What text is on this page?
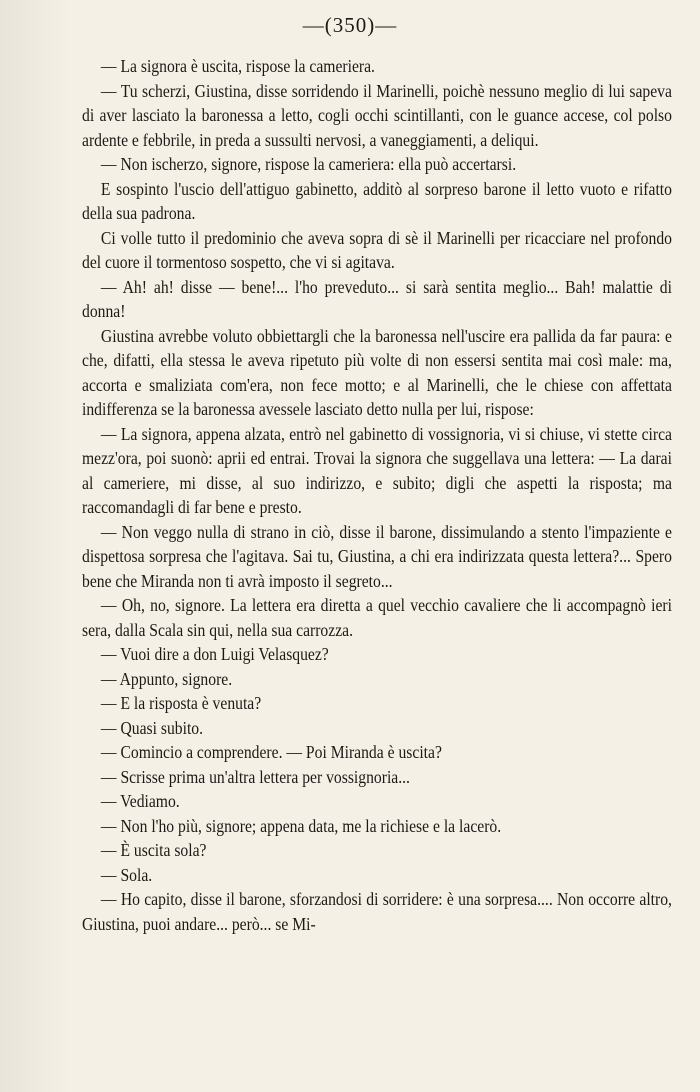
—(350)—

— La signora è uscita, rispose la cameriera.

— Tu scherzi, Giustina, disse sorridendo il Marinelli, poichè nessuno meglio di lui sapeva di aver lasciato la baronessa a letto, cogli occhi scintillanti, con le guance accese, col polso ardente e febbrile, in preda a sussulti nervosi, a vaneggiamenti, a deliqui.

— Non ischerzo, signore, rispose la cameriera: ella può accertarsi.

E sospinto l'uscio dell'attiguo gabinetto, additò al sorpreso barone il letto vuoto e rifatto della sua padrona.

Ci volle tutto il predominio che aveva sopra di sè il Marinelli per ricacciare nel profondo del cuore il tormentoso sospetto, che vi si agitava.

— Ah! ah! disse — bene!... l'ho preveduto... si sarà sentita meglio... Bah! malattie di donna!

Giustina avrebbe voluto obbiettargli che la baronessa nell'uscire era pallida da far paura: e che, difatti, ella stessa le aveva ripetuto più volte di non essersi sentita mai così male: ma, accorta e smaliziata com'era, non fece motto; e al Marinelli, che le chiese con affettata indifferenza se la baronessa avessele lasciato detto nulla per lui, rispose:

— La signora, appena alzata, entrò nel gabinetto di vossignoria, vi si chiuse, vi stette circa mezz'ora, poi suonò: aprii ed entrai. Trovai la signora che suggellava una lettera: — La darai al cameriere, mi disse, al suo indirizzo, e subito; digli che aspetti la risposta; ma raccomandagli di far bene e presto.

— Non veggo nulla di strano in ciò, disse il barone, dissimulando a stento l'impaziente e dispettosa sorpresa che l'agitava. Sai tu, Giustina, a chi era indirizzata questa lettera?... Spero bene che Miranda non ti avrà imposto il segreto...

— Oh, no, signore. La lettera era diretta a quel vecchio cavaliere che li accompagnò ieri sera, dalla Scala sin qui, nella sua carrozza.

— Vuoi dire a don Luigi Velasquez?

— Appunto, signore.

— E la risposta è venuta?

— Quasi subito.

— Comincio a comprendere. — Poi Miranda è uscita?

— Scrisse prima un'altra lettera per vossignoria...

— Vediamo.

— Non l'ho più, signore; appena data, me la richiese e la lacerò.

— È uscita sola?

— Sola.

— Ho capito, disse il barone, sforzandosi di sorridere: è una sorpresa.... Non occorre altro, Giustina, puoi andare... però... se Mi-
